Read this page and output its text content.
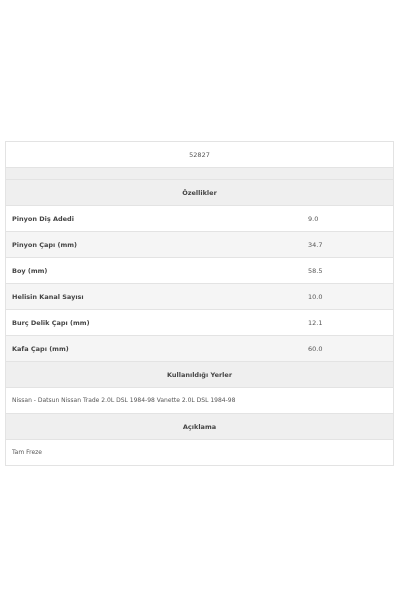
52827
Özellikler
Pinyon Diş Adedi	9.0
Pinyon Çapı (mm)	34.7
Boy (mm)	58.5
Helisin Kanal Sayısı	10.0
Burç Delik Çapı (mm)	12.1
Kafa Çapı (mm)	60.0
Kullanıldığı Yerler
Nissan - Datsun Nissan Trade 2.0L DSL 1984-98 Vanette 2.0L DSL 1984-98
Açıklama
Tam Freze
